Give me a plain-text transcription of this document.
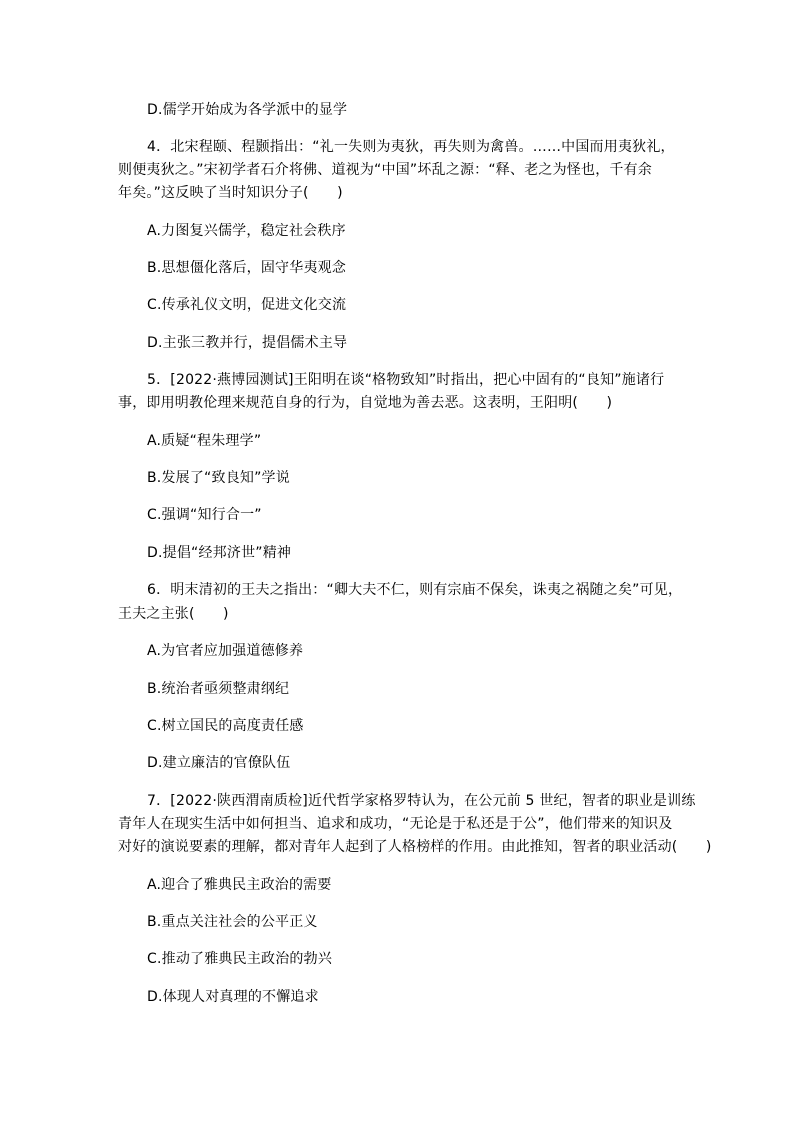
D.儒学开始成为各学派中的显学
4．北宋程颐、程颢指出：“礼一失则为夷狄，再失则为禽兽。……中国而用夷狄礼，
则便夷狄之。”宋初学者石介将佛、道视为“中国”坏乱之源：“释、老之为怪也，千有余
年矣。”这反映了当时知识分子(　　)
A.力图复兴儒学，稳定社会秩序
B.思想僵化落后，固守华夷观念
C.传承礼仪文明，促进文化交流
D.主张三教并行，提倡儒术主导
5．[2022·燕博园测试]王阳明在谈“格物致知”时指出，把心中固有的“良知”施诸行
事，即用明教伦理来规范自身的行为，自觉地为善去恶。这表明，王阳明(　　)
A.质疑“程朱理学”
B.发展了“致良知”学说
C.强调“知行合一”
D.提倡“经邦济世”精神
6．明末清初的王夫之指出：“卿大夫不仁，则有宗庙不保矣，诛夷之祸随之矣”可见，
王夫之主张(　　)
A.为官者应加强道德修养
B.统治者亟须整肃纲纪
C.树立国民的高度责任感
D.建立廉洁的官僚队伍
7．[2022·陕西渭南质检]近代哲学家格罗特认为，在公元前 5 世纪，智者的职业是训练
青年人在现实生活中如何担当、追求和成功，“无论是于私还是于公”，他们带来的知识及
对好的演说要素的理解，都对青年人起到了人格榜样的作用。由此推知，智者的职业活动(　　)
A.迎合了雅典民主政治的需要
B.重点关注社会的公平正义
C.推动了雅典民主政治的勃兴
D.体现人对真理的不懈追求
